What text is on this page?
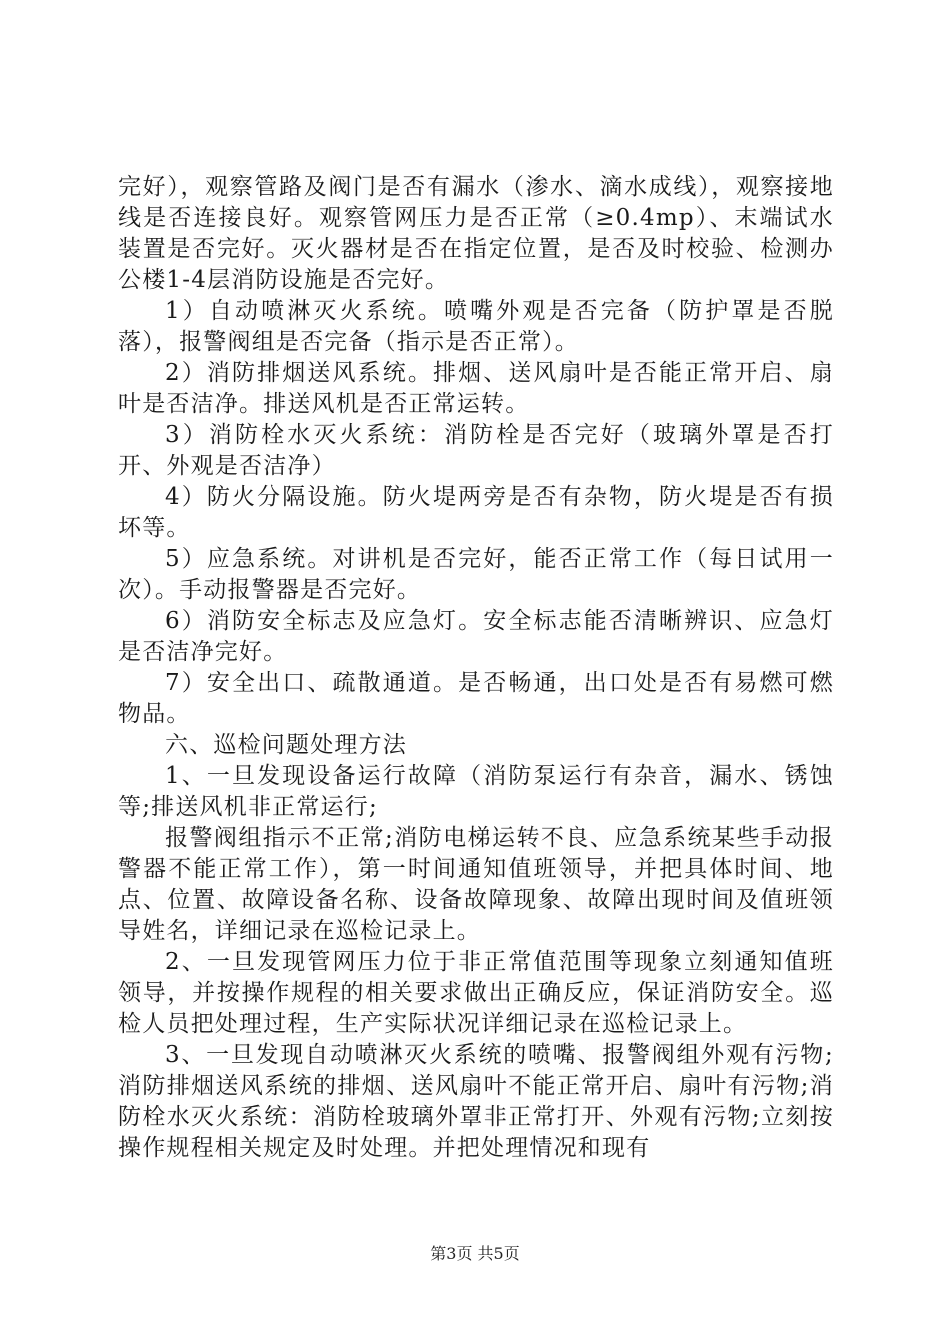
完好），观察管路及阀门是否有漏水（渗水、滴水成线），观察接地线是否连接良好。观察管网压力是否正常（≥0.4mp）、末端试水装置是否完好。灭火器材是否在指定位置，是否及时校验、检测办公楼1-4层消防设施是否完好。

1）自动喷淋灭火系统。喷嘴外观是否完备（防护罩是否脱落），报警阀组是否完备（指示是否正常）。

2）消防排烟送风系统。排烟、送风扇叶是否能正常开启、扇叶是否洁净。排送风机是否正常运转。

3）消防栓水灭火系统：消防栓是否完好（玻璃外罩是否打开、外观是否洁净）

4）防火分隔设施。防火堤两旁是否有杂物，防火堤是否有损坏等。

5）应急系统。对讲机是否完好，能否正常工作（每日试用一次）。手动报警器是否完好。

6）消防安全标志及应急灯。安全标志能否清晰辨识、应急灯是否洁净完好。

7）安全出口、疏散通道。是否畅通，出口处是否有易燃可燃物品。

六、巡检问题处理方法

1、一旦发现设备运行故障（消防泵运行有杂音，漏水、锈蚀等;排送风机非正常运行;

报警阀组指示不正常;消防电梯运转不良、应急系统某些手动报警器不能正常工作），第一时间通知值班领导，并把具体时间、地点、位置、故障设备名称、设备故障现象、故障出现时间及值班领导姓名，详细记录在巡检记录上。

2、一旦发现管网压力位于非正常值范围等现象立刻通知值班领导，并按操作规程的相关要求做出正确反应，保证消防安全。巡检人员把处理过程，生产实际状况详细记录在巡检记录上。

3、一旦发现自动喷淋灭火系统的喷嘴、报警阀组外观有污物;消防排烟送风系统的排烟、送风扇叶不能正常开启、扇叶有污物;消防栓水灭火系统：消防栓玻璃外罩非正常打开、外观有污物;立刻按操作规程相关规定及时处理。并把处理情况和现有

第3页 共5页
